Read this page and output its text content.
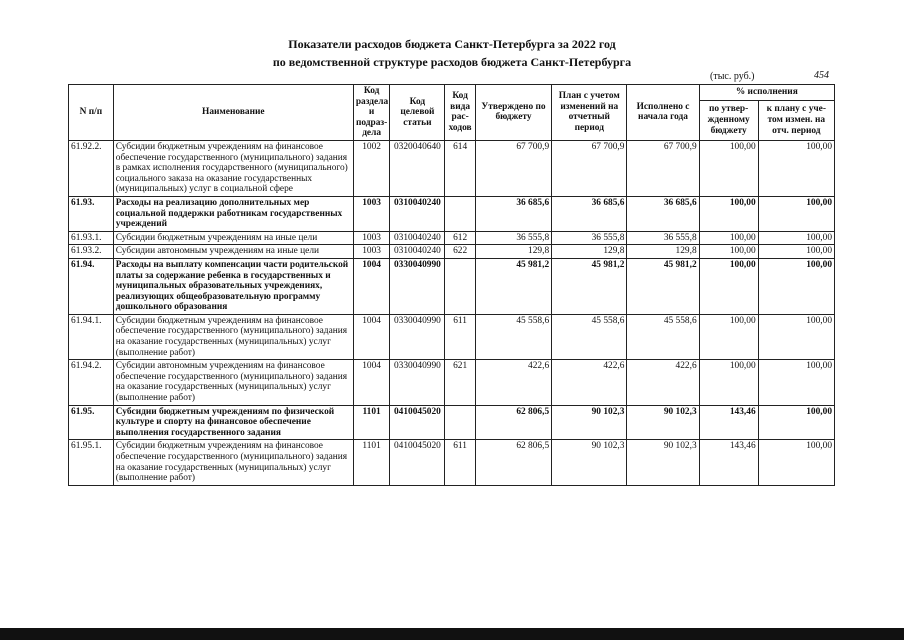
Показатели расходов бюджета Санкт-Петербурга за 2022 год
по ведомственной структуре расходов бюджета Санкт-Петербурга
(тыс. руб.)	454
N п/п	Наименование	Код раздела и подраз-дела	Код целевой статьи	Код вида рас-ходов	Утверждено по бюджету	План с учетом изменений на отчетный период	Исполнено с начала года	% исполнения	
								по утвер-жденному бюджету	к плану с уче-том измен. на отч. период
61.92.2.	Субсидии бюджетным учреждениям на финансовое обеспечение государственного (муниципального) задания в рамках исполнения государственного (муниципального) социального заказа на оказание государственных (муниципальных) услуг в социальной сфере	1002	0320040640	614	67 700,9	67 700,9	67 700,9	100,00	100,00
61.93.	Расходы на реализацию дополнительных мер социальной поддержки работникам государственных учреждений	1003	0310040240		36 685,6	36 685,6	36 685,6	100,00	100,00
61.93.1.	Субсидии бюджетным учреждениям на иные цели	1003	0310040240	612	36 555,8	36 555,8	36 555,8	100,00	100,00
61.93.2.	Субсидии автономным учреждениям на иные цели	1003	0310040240	622	129,8	129,8	129,8	100,00	100,00
61.94.	Расходы на выплату компенсации части родительской платы за содержание ребенка в государственных и муниципальных образовательных учреждениях, реализующих общеобразовательную программу дошкольного образования	1004	0330040990		45 981,2	45 981,2	45 981,2	100,00	100,00
61.94.1.	Субсидии бюджетным учреждениям на финансовое обеспечение государственного (муниципального) задания на оказание государственных (муниципальных) услуг (выполнение работ)	1004	0330040990	611	45 558,6	45 558,6	45 558,6	100,00	100,00
61.94.2.	Субсидии автономным учреждениям на финансовое обеспечение государственного (муниципального) задания на оказание государственных (муниципальных) услуг (выполнение работ)	1004	0330040990	621	422,6	422,6	422,6	100,00	100,00
61.95.	Субсидии бюджетным учреждениям по физической культуре и спорту на финансовое обеспечение выполнения государственного задания	1101	0410045020		62 806,5	90 102,3	90 102,3	143,46	100,00
61.95.1.	Субсидии бюджетным учреждениям на финансовое обеспечение государственного (муниципального) задания на оказание государственных (муниципальных) услуг (выполнение работ)	1101	0410045020	611	62 806,5	90 102,3	90 102,3	143,46	100,00
